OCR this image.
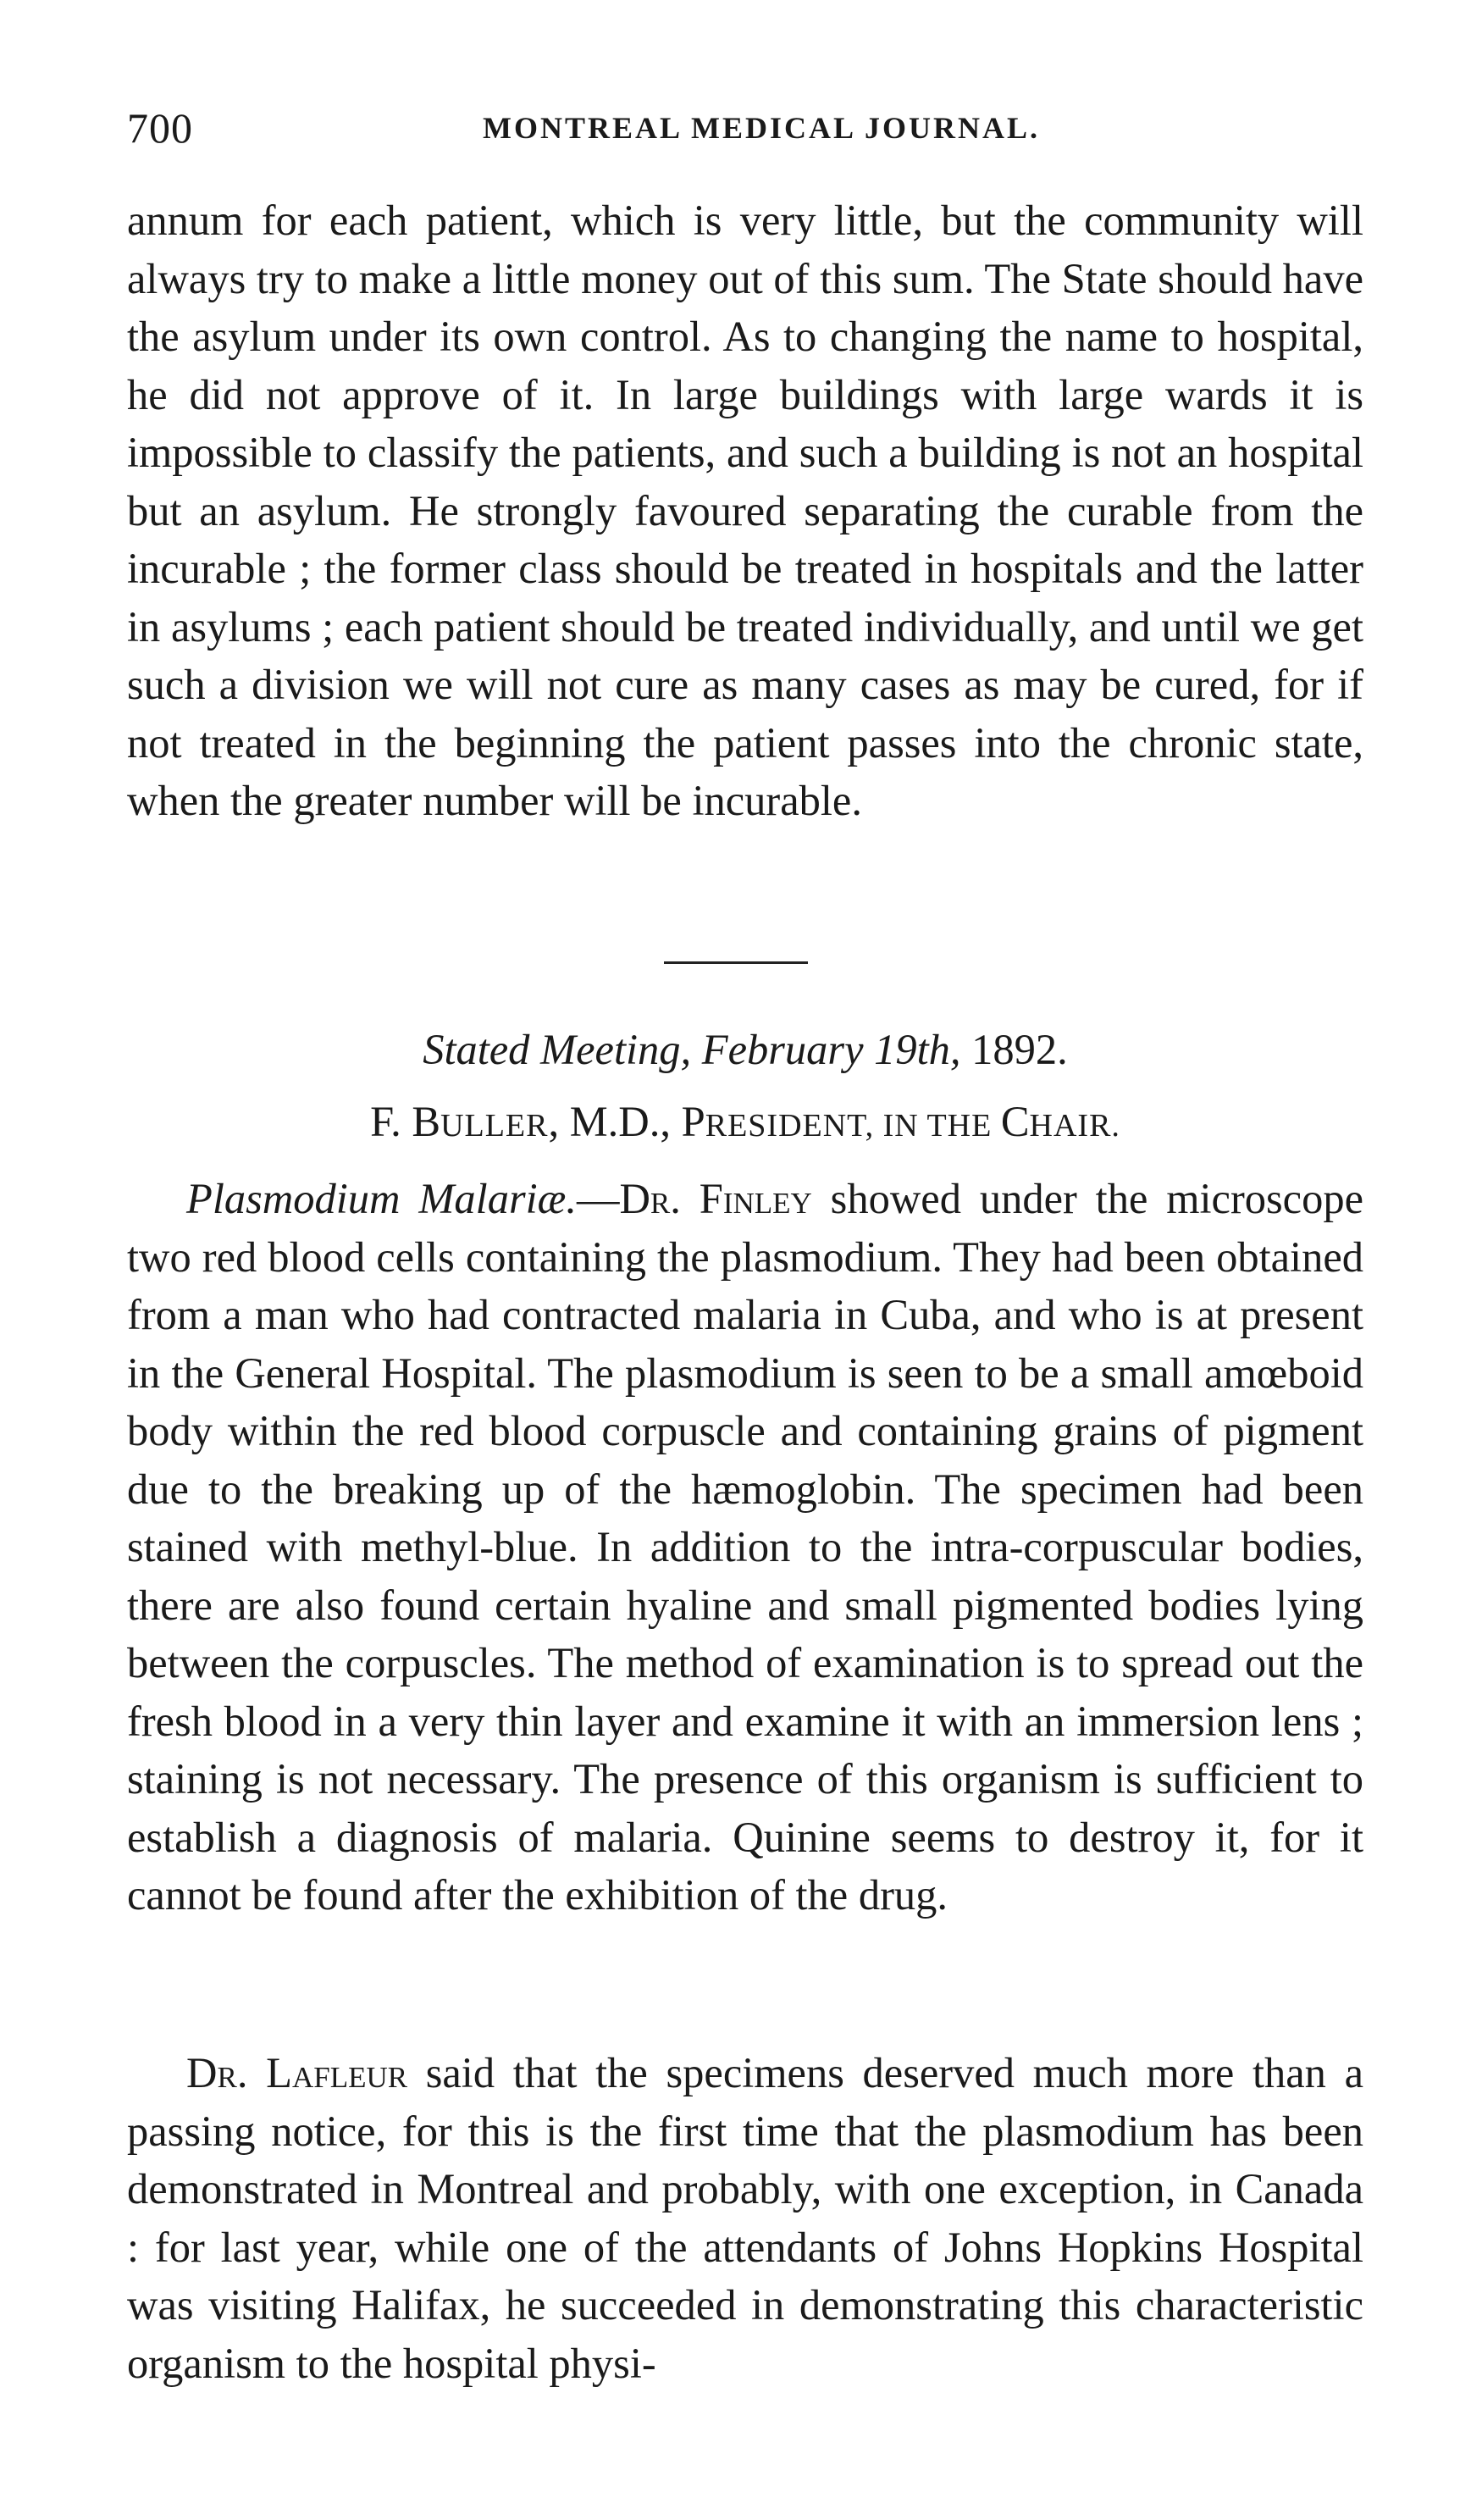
700	MONTREAL MEDICAL JOURNAL.

annum for each patient, which is very little, but the community will always try to make a little money out of this sum. The State should have the asylum under its own control. As to changing the name to hospital, he did not approve of it. In large buildings with large wards it is impossible to classify the patients, and such a building is not an hospital but an asylum. He strongly favoured separating the curable from the incurable ; the former class should be treated in hospitals and the latter in asylums ; each patient should be treated individually, and until we get such a division we will not cure as many cases as may be cured, for if not treated in the beginning the patient passes into the chronic state, when the greater number will be incurable.

Stated Meeting, February 19th, 1892.
F. BULLER, M.D., PRESIDENT, IN THE CHAIR.

Plasmodium Malariæ.—Dr. Finley showed under the microscope two red blood cells containing the plasmodium. They had been obtained from a man who had contracted malaria in Cuba, and who is at present in the General Hospital. The plasmodium is seen to be a small amœboid body within the red blood corpuscle and containing grains of pigment due to the breaking up of the hæmoglobin. The specimen had been stained with methyl-blue. In addition to the intra-corpuscular bodies, there are also found certain hyaline and small pigmented bodies lying between the corpuscles. The method of examination is to spread out the fresh blood in a very thin layer and examine it with an immersion lens ; staining is not necessary. The presence of this organism is sufficient to establish a diagnosis of malaria. Quinine seems to destroy it, for it cannot be found after the exhibition of the drug.

Dr. Lafleur said that the specimens deserved much more than a passing notice, for this is the first time that the plasmodium has been demonstrated in Montreal and probably, with one exception, in Canada : for last year, while one of the attendants of Johns Hopkins Hospital was visiting Halifax, he succeeded in demonstrating this characteristic organism to the hospital physi-
